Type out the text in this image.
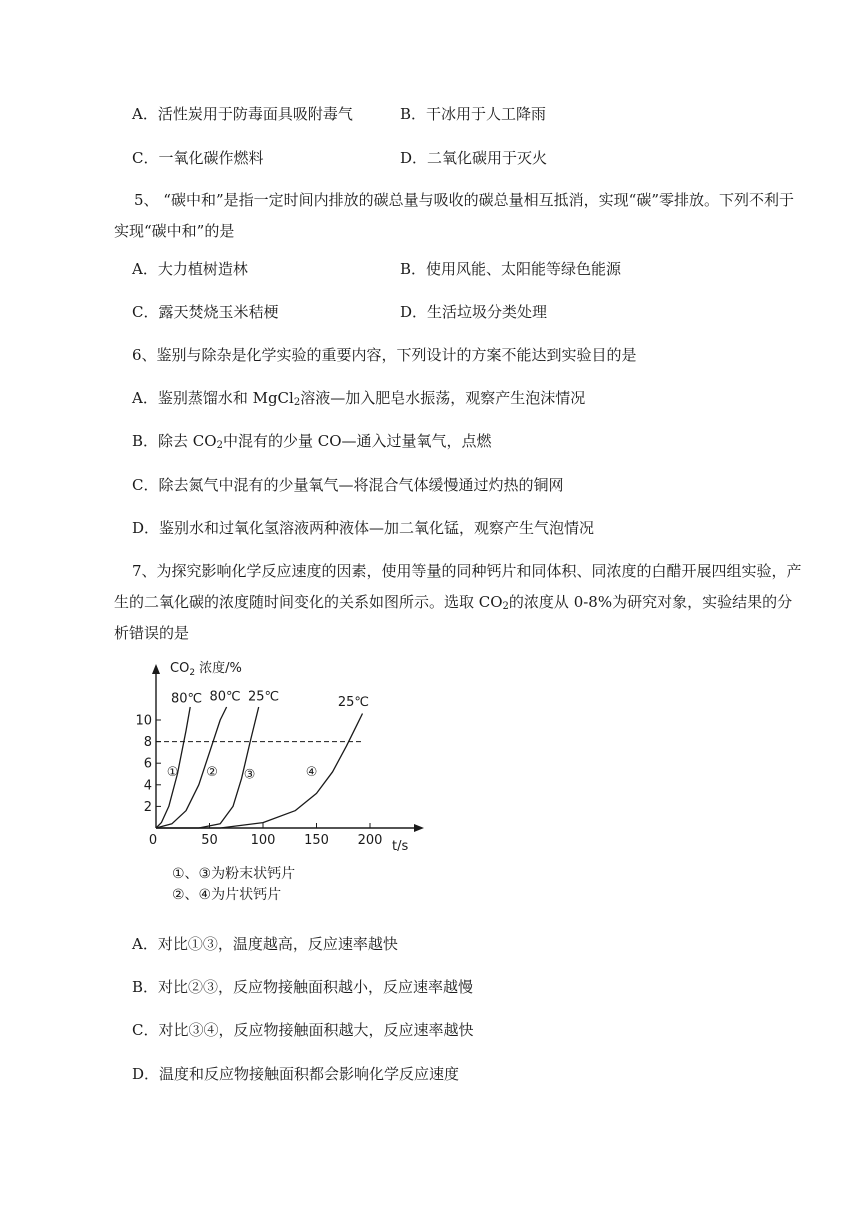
A．活性炭用于防毒面具吸附毒气	B．干冰用于人工降雨
C．一氧化碳作燃料	D．二氧化碳用于灭火
5、 “碳中和”是指一定时间内排放的碳总量与吸收的碳总量相互抵消，实现“碳”零排放。下列不利于实现“碳中和”的是
A．大力植树造林	B．使用风能、太阳能等绿色能源
C．露天焚烧玉米秸梗	D．生活垃圾分类处理
6、鉴别与除杂是化学实验的重要内容，下列设计的方案不能达到实验目的是
A．鉴别蒸馏水和 MgCl$_2$溶液—加入肥皂水振荡，观察产生泡沫情况
B．除去 $CO_2$中混有的少量 CO—通入过量氧气，点燃
C．除去氮气中混有的少量氧气—将混合气体缓慢通过灼热的铜网
D．鉴别水和过氧化氢溶液两种液体—加二氧化锰，观察产生气泡情况
7、为探究影响化学反应速度的因素，使用等量的同种钙片和同体积、同浓度的白醋开展四组实验，产生的二氧化碳的浓度随时间变化的关系如图所示。选取 $CO_2$的浓度从 0-8%为研究对象，实验结果的分析错误的是
$CO_2$ 浓度/%
t/s
2
4
6
8
10
0	50	100 150 200
80℃
①
80℃
②
25℃
③
25℃
④
①、③为粉末状钙片
②、④为片状钙片
A．对比①③，温度越高，反应速率越快
B．对比②③，反应物接触面积越小，反应速率越慢
C．对比③④，反应物接触面积越大，反应速率越快
D．温度和反应物接触面积都会影响化学反应速度
